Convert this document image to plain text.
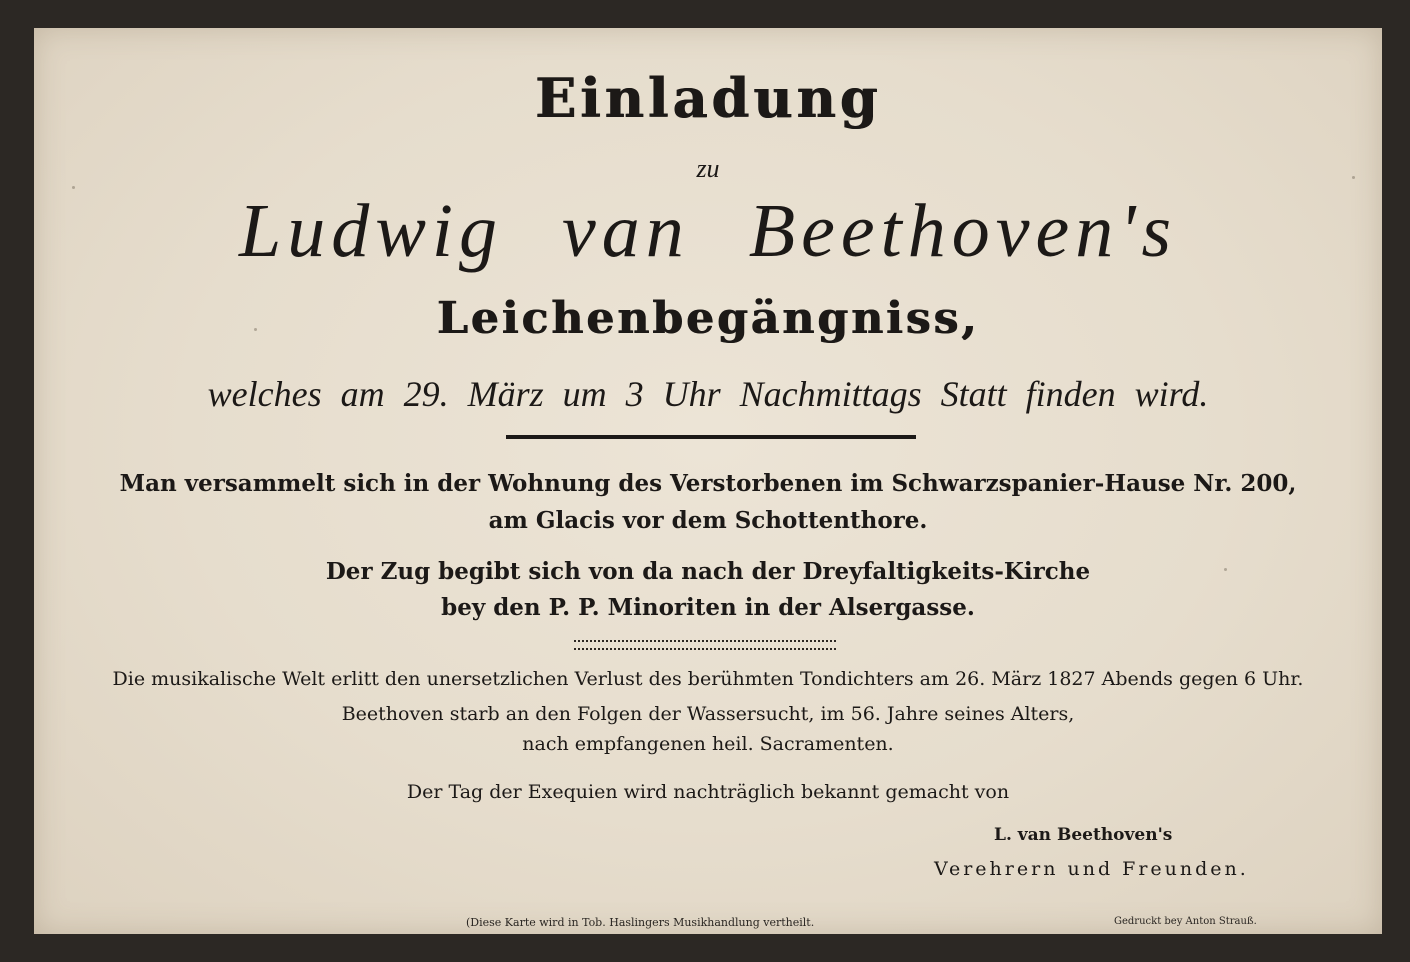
Einladung
zu
Ludwig van Beethoven's
Leichenbegängniss,
welches am 29. März um 3 Uhr Nachmittags Statt finden wird.
Man versammelt sich in der Wohnung des Verstorbenen im Schwarzspanier-Hause Nr. 200,
am Glacis vor dem Schottenthore.
Der Zug begibt sich von da nach der Dreyfaltigkeits-Kirche
bey den P. P. Minoriten in der Alsergasse.
Die musikalische Welt erlitt den unersetzlichen Verlust des berühmten Tondichters am 26. März 1827 Abends gegen 6 Uhr.
Beethoven starb an den Folgen der Wassersucht, im 56. Jahre seines Alters,
nach empfangenen heil. Sacramenten.
Der Tag der Exequien wird nachträglich bekannt gemacht von
L. van Beethoven's
Verehrern und Freunden.
(Diese Karte wird in Tob. Haslingers Musikhandlung vertheilt.	Gedruckt bey Anton Strauß.
